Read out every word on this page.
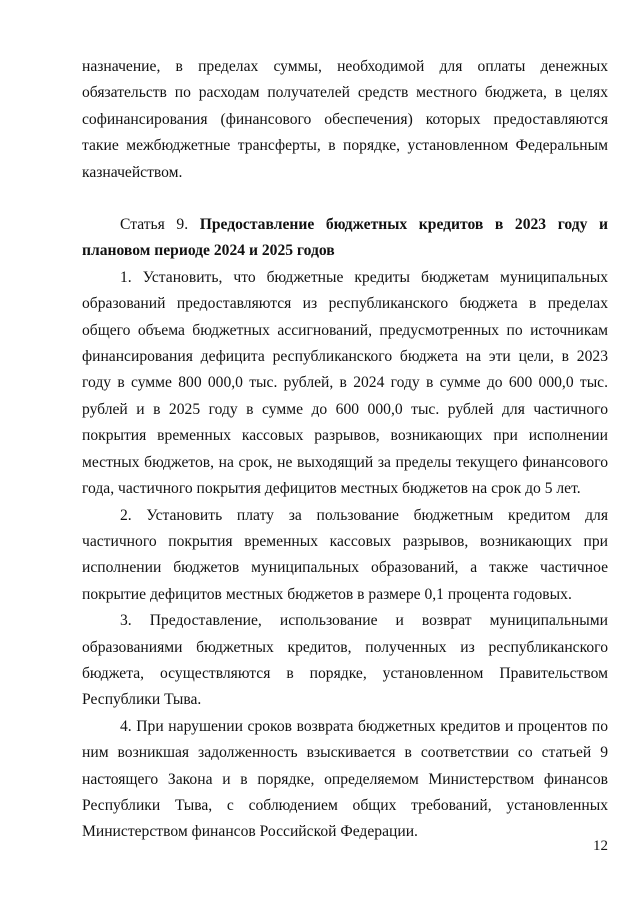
назначение, в пределах суммы, необходимой для оплаты денежных обязательств по расходам получателей средств местного бюджета, в целях софинансирования (финансового обеспечения) которых предоставляются такие межбюджетные трансферты, в порядке, установленном Федеральным казначейством.

Статья 9. Предоставление бюджетных кредитов в 2023 году и плановом периоде 2024 и 2025 годов

1. Установить, что бюджетные кредиты бюджетам муниципальных образований предоставляются из республиканского бюджета в пределах общего объема бюджетных ассигнований, предусмотренных по источникам финансирования дефицита республиканского бюджета на эти цели, в 2023 году в сумме 800 000,0 тыс. рублей, в 2024 году в сумме до 600 000,0 тыс. рублей и в 2025 году в сумме до 600 000,0 тыс. рублей для частичного покрытия временных кассовых разрывов, возникающих при исполнении местных бюджетов, на срок, не выходящий за пределы текущего финансового года, частичного покрытия дефицитов местных бюджетов на срок до 5 лет.

2. Установить плату за пользование бюджетным кредитом для частичного покрытия временных кассовых разрывов, возникающих при исполнении бюджетов муниципальных образований, а также частичное покрытие дефицитов местных бюджетов в размере 0,1 процента годовых.

3. Предоставление, использование и возврат муниципальными образованиями бюджетных кредитов, полученных из республиканского бюджета, осуществляются в порядке, установленном Правительством Республики Тыва.

4. При нарушении сроков возврата бюджетных кредитов и процентов по ним возникшая задолженность взыскивается в соответствии со статьей 9 настоящего Закона и в порядке, определяемом Министерством финансов Республики Тыва, с соблюдением общих требований, установленных Министерством финансов Российской Федерации.

12
